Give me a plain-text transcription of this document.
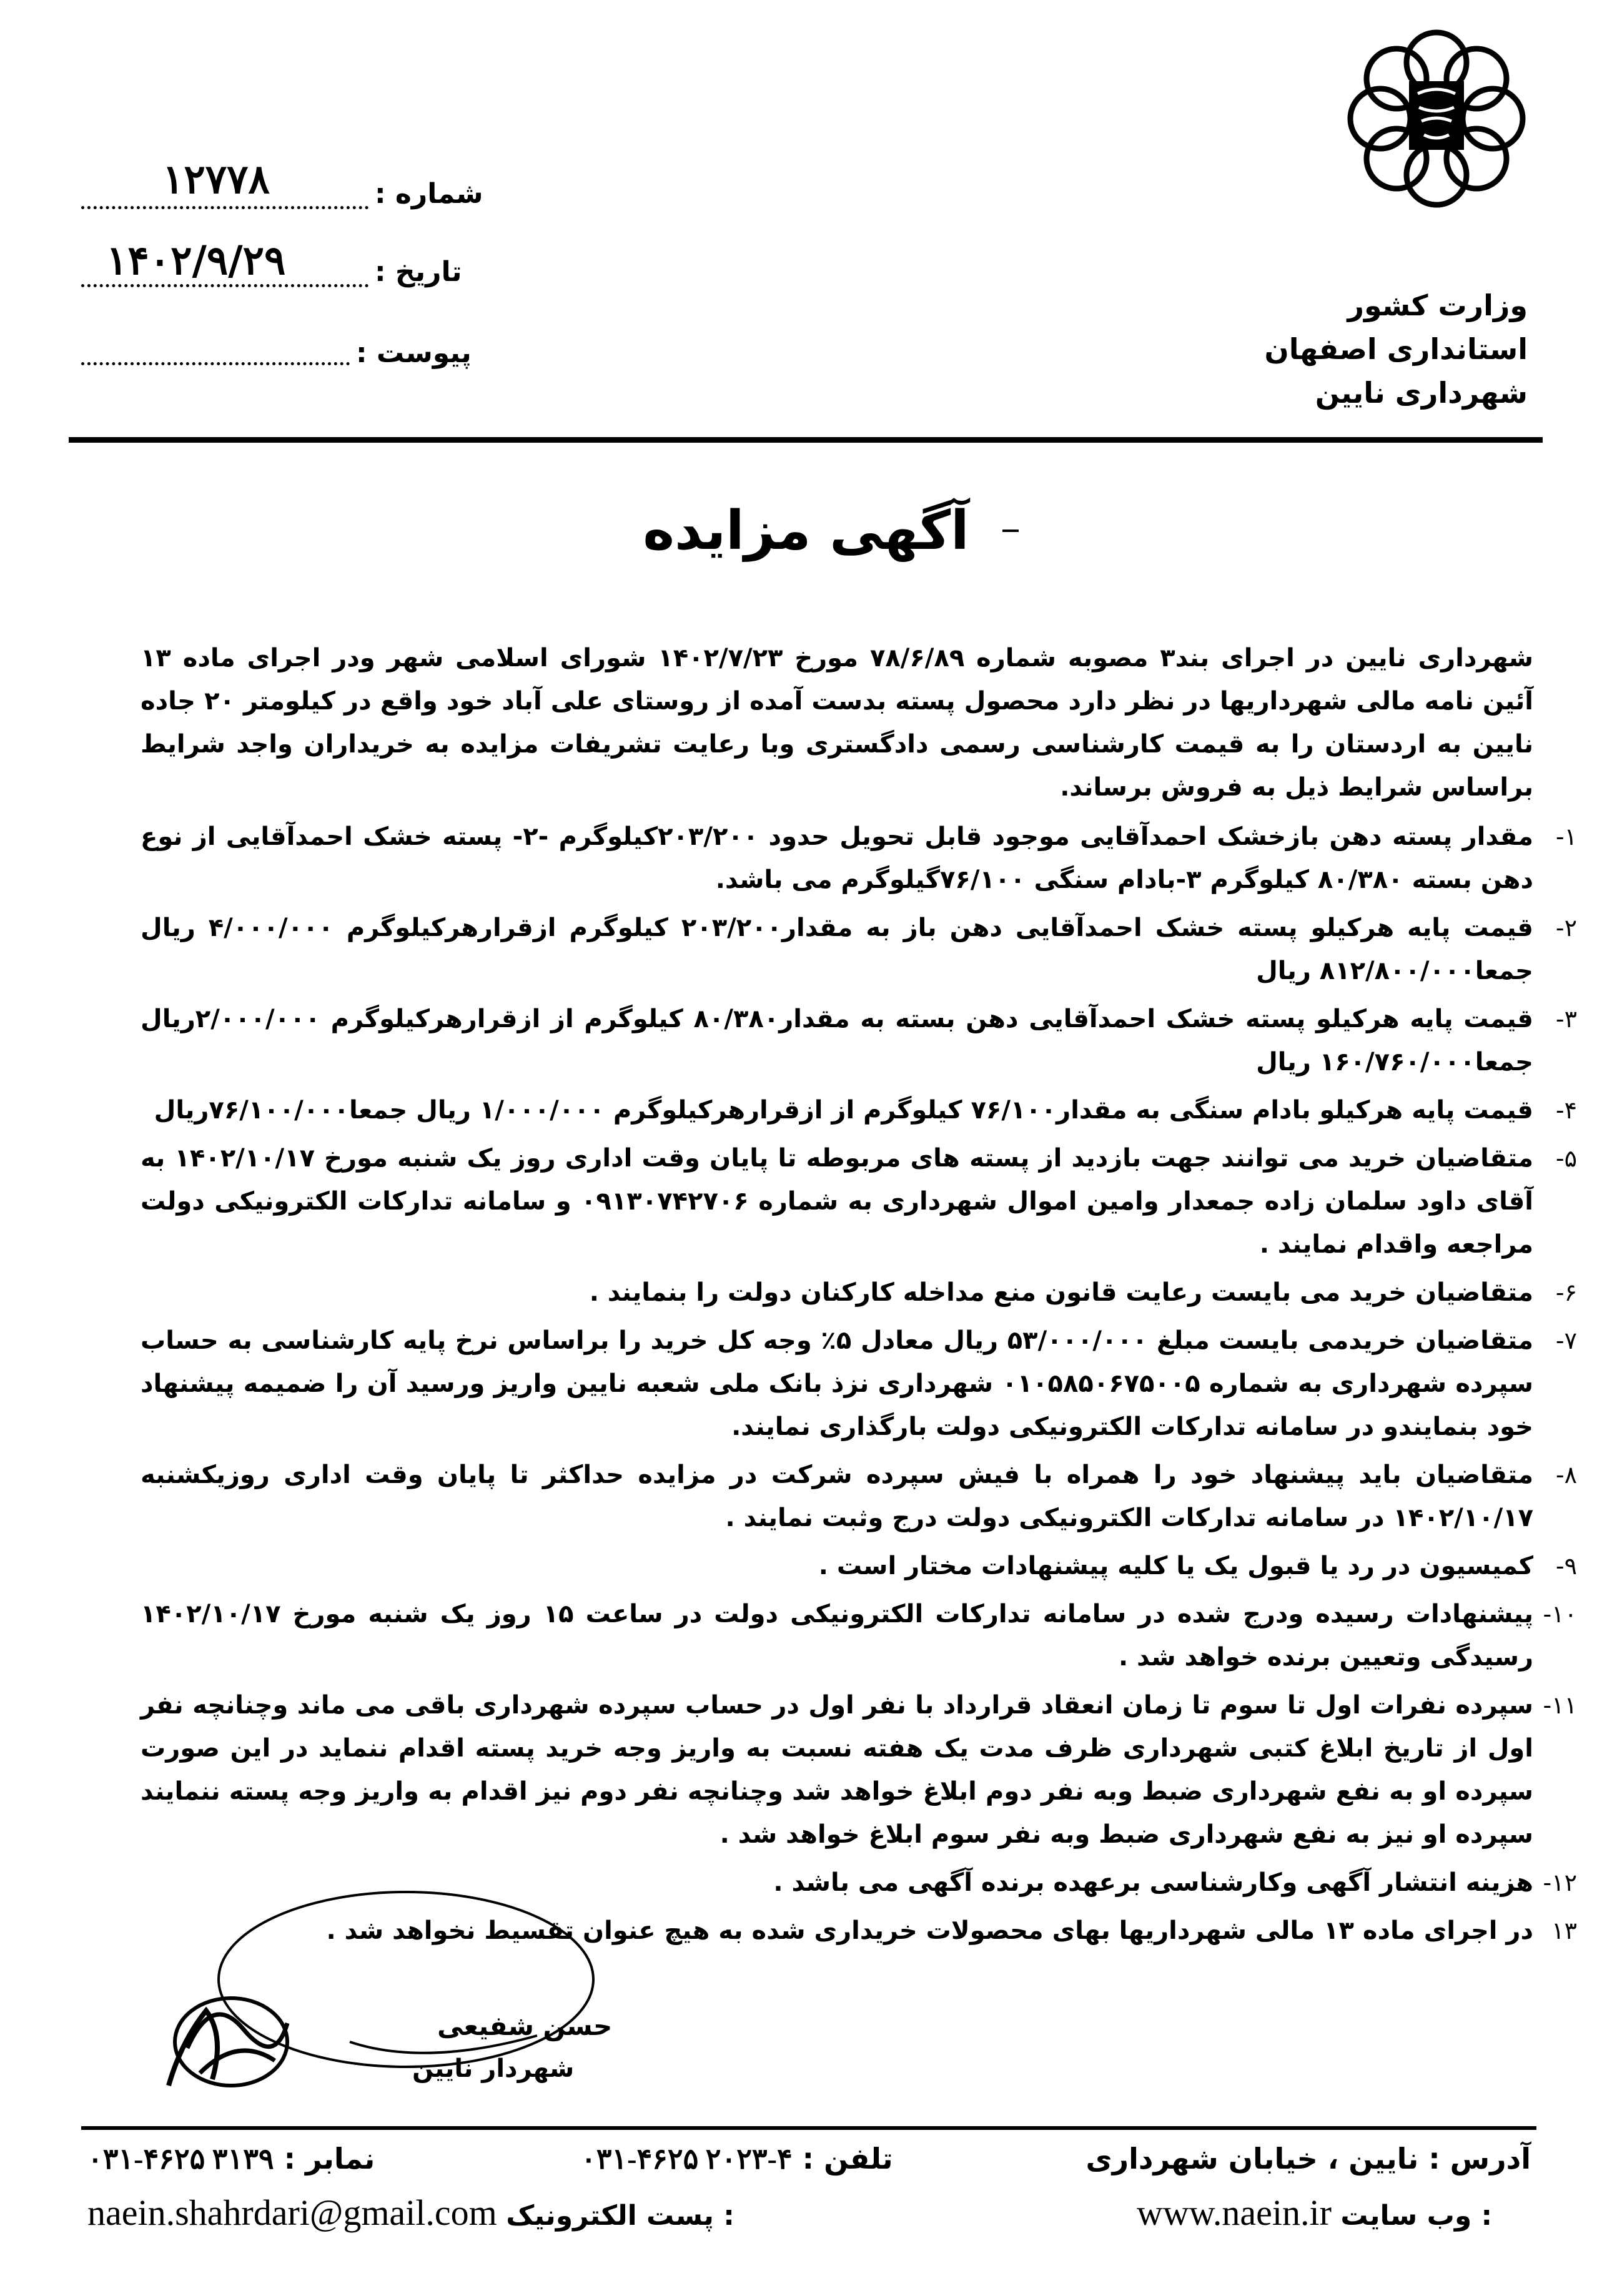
وزارت کشور
استانداری اصفهان
شهرداری نایین
شماره :
۱۲۷۷۸
تاریخ :
۱۴۰۲/۹/۲۹
پیوست :
آگهی مزایده

شهرداری نایین در اجرای بند۳ مصوبه شماره ۷۸/۶/۸۹ مورخ ۱۴۰۲/۷/۲۳ شورای اسلامی شهر ودر اجرای ماده ۱۳ آئین نامه مالی شهرداریها در نظر دارد محصول پسته بدست آمده از روستای علی آباد خود واقع در کیلومتر ۲۰ جاده نایین به اردستان را به قیمت کارشناسی رسمی دادگستری وبا رعایت تشریفات مزایده به خریداران واجد شرایط براساس شرایط ذیل به فروش برساند.

۱-
مقدار پسته دهن بازخشک احمدآقایی موجود قابل تحویل حدود ۲۰۳/۲۰۰کیلوگرم -۲- پسته خشک احمدآقایی از نوع دهن بسته ۸۰/۳۸۰ کیلوگرم ۳-بادام سنگی ۷۶/۱۰۰گیلوگرم می باشد.
۲-
قیمت پایه هرکیلو پسته خشک احمدآقایی دهن باز به مقدار۲۰۳/۲۰۰ کیلوگرم ازقرارهرکیلوگرم ۴/۰۰۰/۰۰۰ ریال جمعا۸۱۲/۸۰۰/۰۰۰ ریال
۳-
قیمت پایه هرکیلو پسته خشک احمدآقایی دهن بسته به مقدار۸۰/۳۸۰ کیلوگرم از ازقرارهرکیلوگرم ۲/۰۰۰/۰۰۰ریال جمعا۱۶۰/۷۶۰/۰۰۰ ریال
۴-
قیمت پایه هرکیلو بادام سنگی به مقدار۷۶/۱۰۰ کیلوگرم از ازقرارهرکیلوگرم ۱/۰۰۰/۰۰۰ ریال جمعا۷۶/۱۰۰/۰۰۰ریال
۵-
متقاضیان خرید می توانند جهت بازدید از پسته های مربوطه تا پایان وقت اداری روز یک شنبه مورخ ۱۴۰۲/۱۰/۱۷ به آقای داود سلمان زاده جمعدار وامین اموال شهرداری به شماره ۰۹۱۳۰۷۴۲۷۰۶ و سامانه تدارکات الکترونیکی دولت مراجعه واقدام نمایند .
۶-
متقاضیان خرید می بایست رعایت قانون منع مداخله کارکنان دولت را بنمایند .
۷-
متقاضیان خریدمی بایست مبلغ ۵۳/۰۰۰/۰۰۰ ریال معادل ۵٪ وجه کل خرید را براساس نرخ پایه کارشناسی به حساب سپرده شهرداری به شماره ۰۱۰۵۸۵۰۶۷۵۰۰۵ شهرداری نزذ بانک ملی شعبه نایین واریز ورسید آن را ضمیمه پیشنهاد خود بنمایندو در سامانه تدارکات الکترونیکی دولت بارگذاری نمایند.
۸-
متقاضیان باید پیشنهاد خود را همراه با فیش سپرده شرکت در مزایده حداکثر تا پایان وقت اداری روزیکشنبه ۱۴۰۲/۱۰/۱۷ در سامانه تدارکات الکترونیکی دولت درج وثبت نمایند .
۹-
کمیسیون در رد یا قبول یک یا کلیه پیشنهادات مختار است .
۱۰-
پیشنهادات رسیده ودرج شده در سامانه تدارکات الکترونیکی دولت در ساعت ۱۵ روز یک شنبه مورخ ۱۴۰۲/۱۰/۱۷ رسیدگی وتعیین برنده خواهد شد .
۱۱-
سپرده نفرات اول تا سوم تا زمان انعقاد قرارداد با نفر اول در حساب سپرده شهرداری باقی می ماند وچنانچه نفر اول از تاریخ ابلاغ کتبی شهرداری ظرف مدت یک هفته نسبت به واریز وجه خرید پسته اقدام ننماید در این صورت سپرده او به نفع شهرداری ضبط وبه نفر دوم ابلاغ خواهد شد وچنانچه نفر دوم نیز اقدام به واریز وجه پسته ننمایند سپرده او نیز به نفع شهرداری ضبط وبه نفر سوم ابلاغ خواهد شد .
۱۲-
هزینه انتشار آگهی وکارشناسی برعهده برنده آگهی می باشد .
۱۳
در اجرای ماده ۱۳ مالی شهرداریها بهای محصولات خریداری شده به هیچ عنوان تقسیط نخواهد شد .
حسن شفیعی
شهردار نایین
آدرس : نایین ، خیابان شهرداری
تلفن : ۴-۲۰۲۳ ۴۶۲۵-۰۳۱
نمابر : ۳۱۳۹ ۴۶۲۵-۰۳۱
www.naein.ir وب سایت :
naein.shahrdari@gmail.com پست الکترونیک :
